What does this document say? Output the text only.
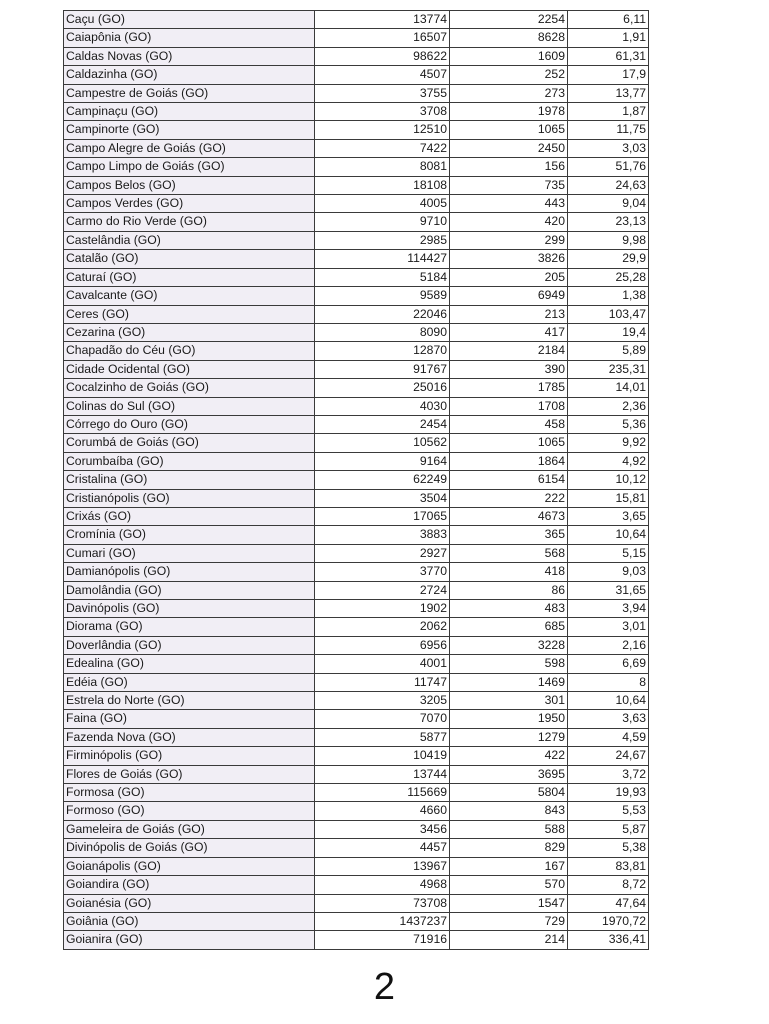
Caçu (GO)	13774	2254	6,11
Caiapônia (GO)	16507	8628	1,91
Caldas Novas (GO)	98622	1609	61,31
Caldazinha (GO)	4507	252	17,9
Campestre de Goiás (GO)	3755	273	13,77
Campinaçu (GO)	3708	1978	1,87
Campinorte (GO)	12510	1065	11,75
Campo Alegre de Goiás (GO)	7422	2450	3,03
Campo Limpo de Goiás (GO)	8081	156	51,76
Campos Belos (GO)	18108	735	24,63
Campos Verdes (GO)	4005	443	9,04
Carmo do Rio Verde (GO)	9710	420	23,13
Castelândia (GO)	2985	299	9,98
Catalão (GO)	114427	3826	29,9
Caturaí (GO)	5184	205	25,28
Cavalcante (GO)	9589	6949	1,38
Ceres (GO)	22046	213	103,47
Cezarina (GO)	8090	417	19,4
Chapadão do Céu (GO)	12870	2184	5,89
Cidade Ocidental (GO)	91767	390	235,31
Cocalzinho de Goiás (GO)	25016	1785	14,01
Colinas do Sul (GO)	4030	1708	2,36
Córrego do Ouro (GO)	2454	458	5,36
Corumbá de Goiás (GO)	10562	1065	9,92
Corumbaíba (GO)	9164	1864	4,92
Cristalina (GO)	62249	6154	10,12
Cristianópolis (GO)	3504	222	15,81
Crixás (GO)	17065	4673	3,65
Cromínia (GO)	3883	365	10,64
Cumari (GO)	2927	568	5,15
Damianópolis (GO)	3770	418	9,03
Damolândia (GO)	2724	86	31,65
Davinópolis (GO)	1902	483	3,94
Diorama (GO)	2062	685	3,01
Doverlândia (GO)	6956	3228	2,16
Edealina (GO)	4001	598	6,69
Edéia (GO)	11747	1469	8
Estrela do Norte (GO)	3205	301	10,64
Faina (GO)	7070	1950	3,63
Fazenda Nova (GO)	5877	1279	4,59
Firminópolis (GO)	10419	422	24,67
Flores de Goiás (GO)	13744	3695	3,72
Formosa (GO)	115669	5804	19,93
Formoso (GO)	4660	843	5,53
Gameleira de Goiás (GO)	3456	588	5,87
Divinópolis de Goiás (GO)	4457	829	5,38
Goianápolis (GO)	13967	167	83,81
Goiandira (GO)	4968	570	8,72
Goianésia (GO)	73708	1547	47,64
Goiânia (GO)	1437237	729	1970,72
Goianira (GO)	71916	214	336,41
2
